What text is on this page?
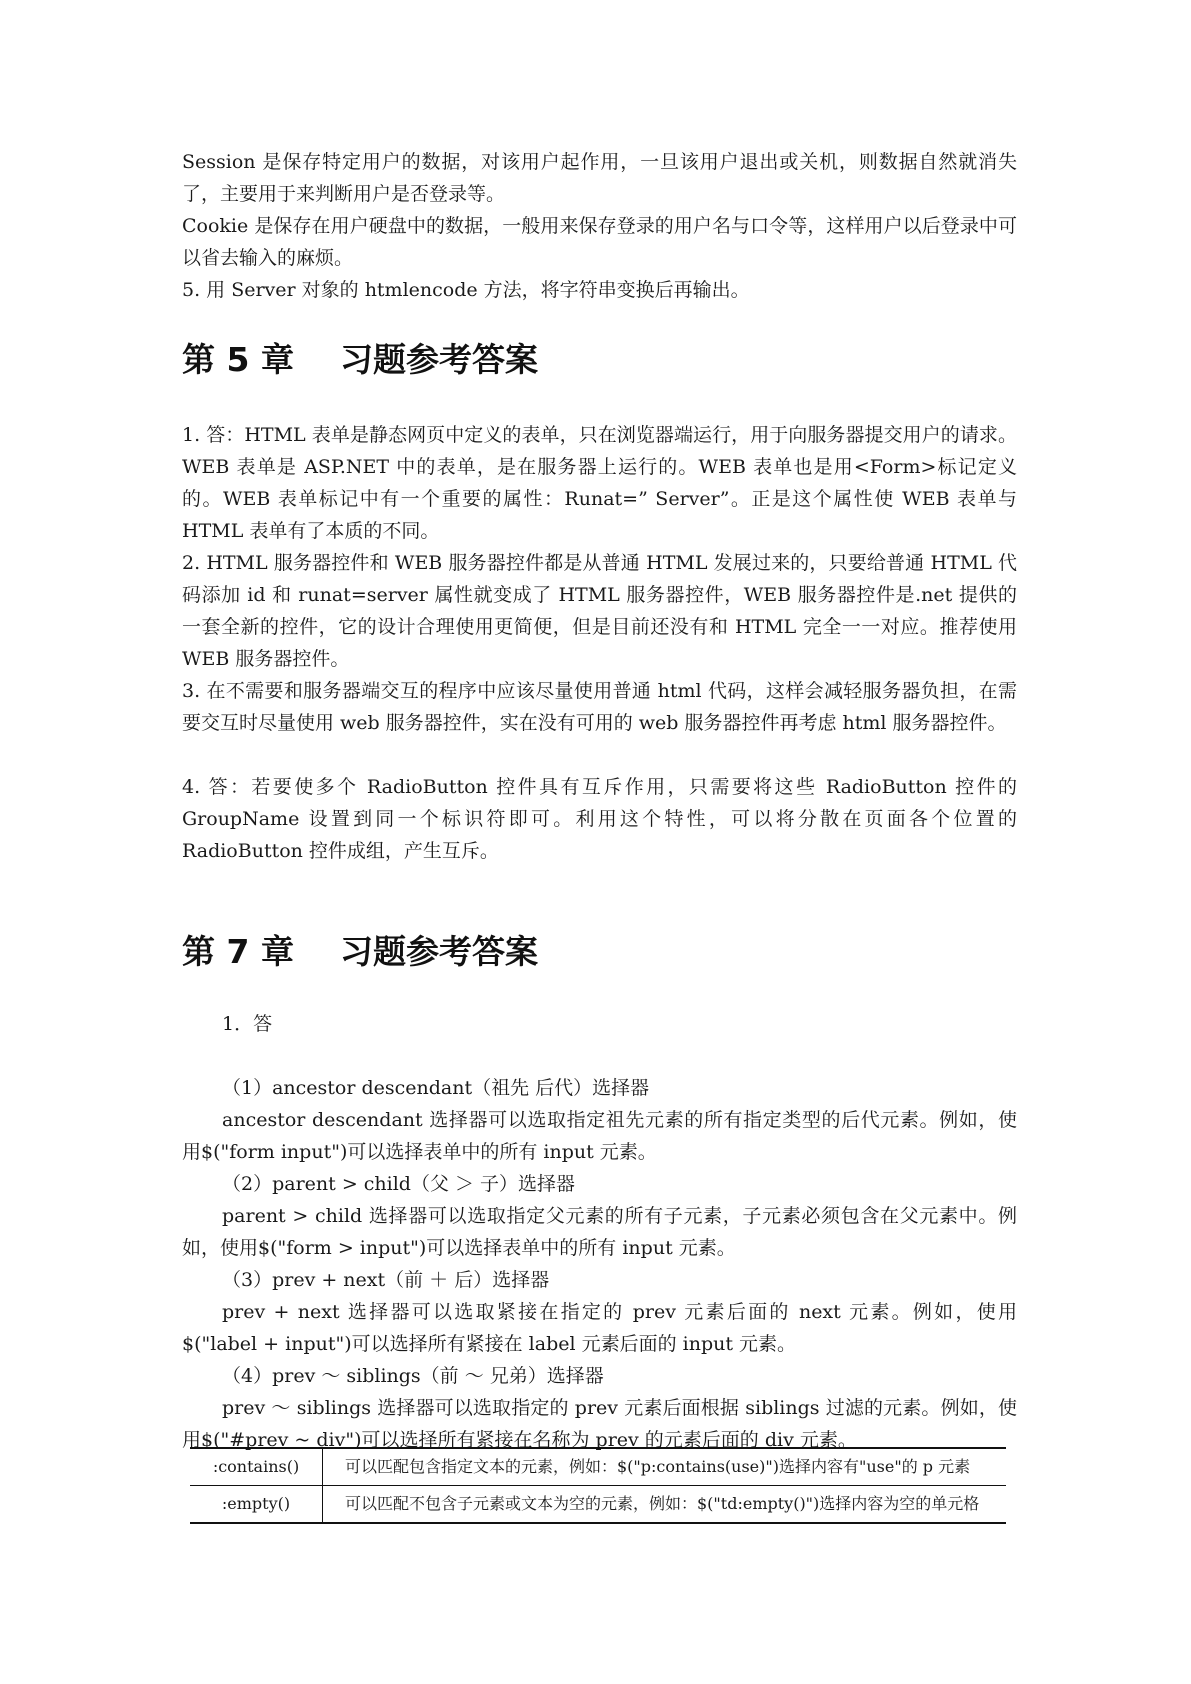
Session 是保存特定用户的数据，对该用户起作用，一旦该用户退出或关机，则数据自然就消失了，主要用于来判断用户是否登录等。

Cookie 是保存在用户硬盘中的数据，一般用来保存登录的用户名与口令等，这样用户以后登录中可以省去输入的麻烦。

5. 用 Server 对象的 htmlencode 方法，将字符串变换后再输出。

第 5 章 习题参考答案

1. 答：HTML 表单是静态网页中定义的表单，只在浏览器端运行，用于向服务器提交用户的请求。WEB 表单是 ASP.NET 中的表单，是在服务器上运行的。WEB 表单也是用<Form>标记定义的。WEB 表单标记中有一个重要的属性：Runat=” Server”。正是这个属性使 WEB 表单与 HTML 表单有了本质的不同。

2. HTML 服务器控件和 WEB 服务器控件都是从普通 HTML 发展过来的，只要给普通 HTML 代码添加 id 和 runat=server 属性就变成了 HTML 服务器控件，WEB 服务器控件是.net 提供的一套全新的控件，它的设计合理使用更简便，但是目前还没有和 HTML 完全一一对应。推荐使用 WEB 服务器控件。

3. 在不需要和服务器端交互的程序中应该尽量使用普通 html 代码，这样会减轻服务器负担，在需要交互时尽量使用 web 服务器控件，实在没有可用的 web 服务器控件再考虑 html 服务器控件。

4. 答：若要使多个 RadioButton 控件具有互斥作用，只需要将这些 RadioButton 控件的 GroupName 设置到同一个标识符即可。利用这个特性，可以将分散在页面各个位置的 RadioButton 控件成组，产生互斥。

第 7 章 习题参考答案

1．答

（1）ancestor descendant（祖先 后代）选择器

ancestor descendant 选择器可以选取指定祖先元素的所有指定类型的后代元素。例如，使用$("form input")可以选择表单中的所有 input 元素。

（2）parent > child（父 ＞ 子）选择器

parent > child 选择器可以选取指定父元素的所有子元素，子元素必须包含在父元素中。例如，使用$("form > input")可以选择表单中的所有 input 元素。

（3）prev + next（前 ＋ 后）选择器

prev + next 选择器可以选取紧接在指定的 prev 元素后面的 next 元素。例如，使用$("label + input")可以选择所有紧接在 label 元素后面的 input 元素。

（4）prev ～ siblings（前 ～ 兄弟）选择器

prev ～ siblings 选择器可以选取指定的 prev 元素后面根据 siblings 过滤的元素。例如，使用$("#prev ~ div")可以选择所有紧接在名称为 prev 的元素后面的 div 元素。

:contains()	可以匹配包含指定文本的元素，例如：$("p:contains(use)")选择内容有"use"的 p 元素
:empty()	可以匹配不包含子元素或文本为空的元素，例如：$("td:empty()")选择内容为空的单元格
